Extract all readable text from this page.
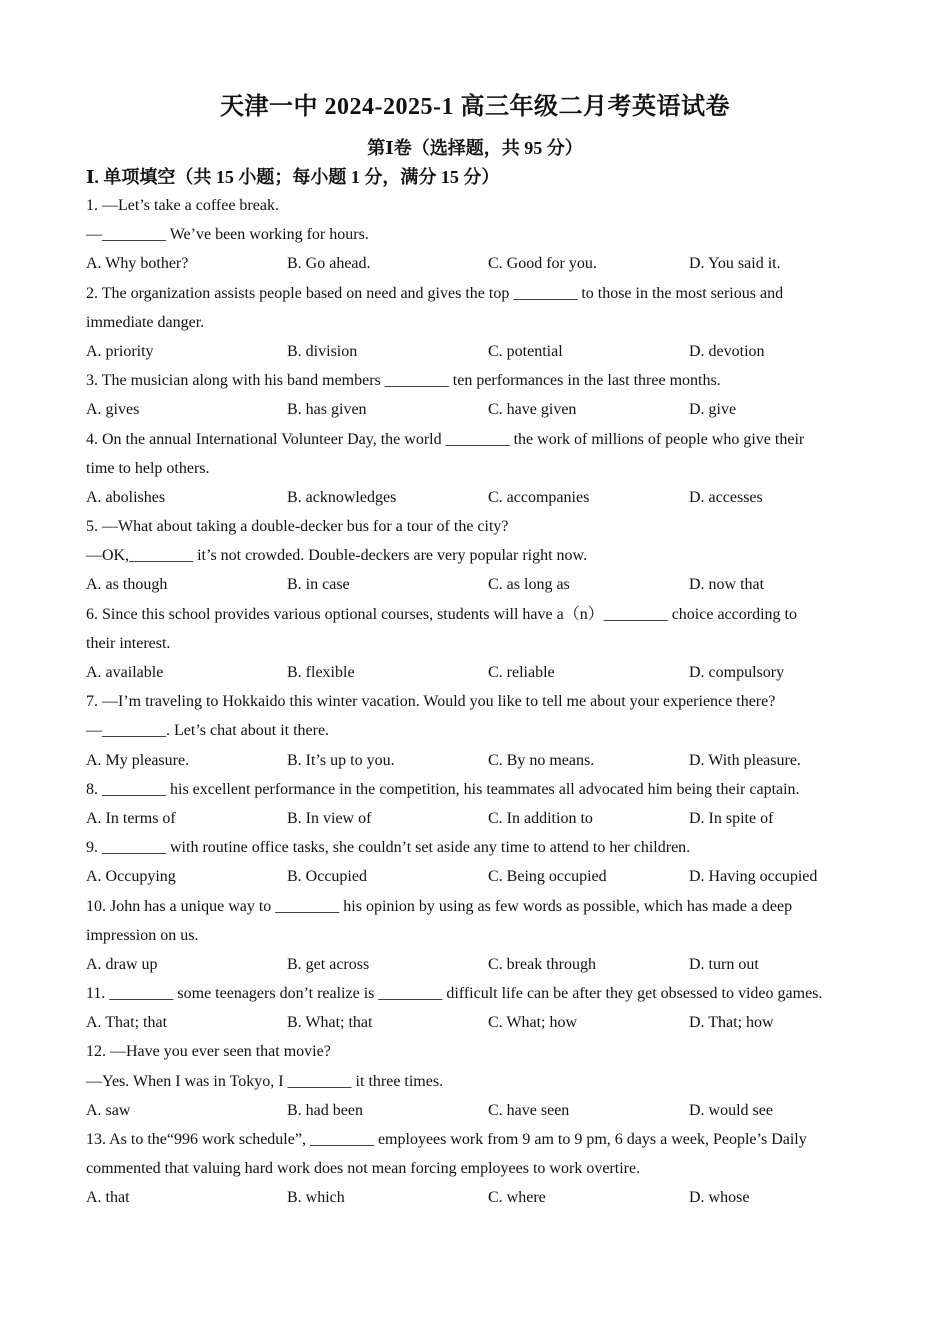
天津一中 2024-2025-1 高三年级二月考英语试卷
第Ⅰ卷（选择题，共 95 分）
Ⅰ. 单项填空（共 15 小题；每小题 1 分，满分 15 分）
1. —Let’s take a coffee break.
—________ We’ve been working for hours.
A. Why bother?	B. Go ahead.	C. Good for you.	D. You said it.
2. The organization assists people based on need and gives the top ________ to those in the most serious and
immediate danger.
A. priority	B. division	C. potential	D. devotion
3. The musician along with his band members ________ ten performances in the last three months.
A. gives	B. has given	C. have given	D. give
4. On the annual International Volunteer Day, the world ________ the work of millions of people who give their
time to help others.
A. abolishes	B. acknowledges	C. accompanies	D. accesses
5. —What about taking a double-decker bus for a tour of the city?
—OK,________ it’s not crowded. Double-deckers are very popular right now.
A. as though	B. in case	C. as long as	D. now that
6. Since this school provides various optional courses, students will have a（n）________ choice according to
their interest.
A. available	B. flexible	C. reliable	D. compulsory
7. —I’m traveling to Hokkaido this winter vacation. Would you like to tell me about your experience there?
—________. Let’s chat about it there.
A. My pleasure.	B. It’s up to you.	C. By no means.	D. With pleasure.
8. ________ his excellent performance in the competition, his teammates all advocated him being their captain.
A. In terms of	B. In view of	C. In addition to	D. In spite of
9. ________ with routine office tasks, she couldn’t set aside any time to attend to her children.
A. Occupying	B. Occupied	C. Being occupied	D. Having occupied
10. John has a unique way to ________ his opinion by using as few words as possible, which has made a deep
impression on us.
A. draw up	B. get across	C. break through	D. turn out
11. ________ some teenagers don’t realize is ________ difficult life can be after they get obsessed to video games.
A. That; that	B. What; that	C. What; how	D. That; how
12. —Have you ever seen that movie?
—Yes. When I was in Tokyo, I ________ it three times.
A. saw	B. had been	C. have seen	D. would see
13. As to the“996 work schedule”, ________ employees work from 9 am to 9 pm, 6 days a week, People’s Daily
commented that valuing hard work does not mean forcing employees to work overtire.
A. that	B. which	C. where	D. whose
